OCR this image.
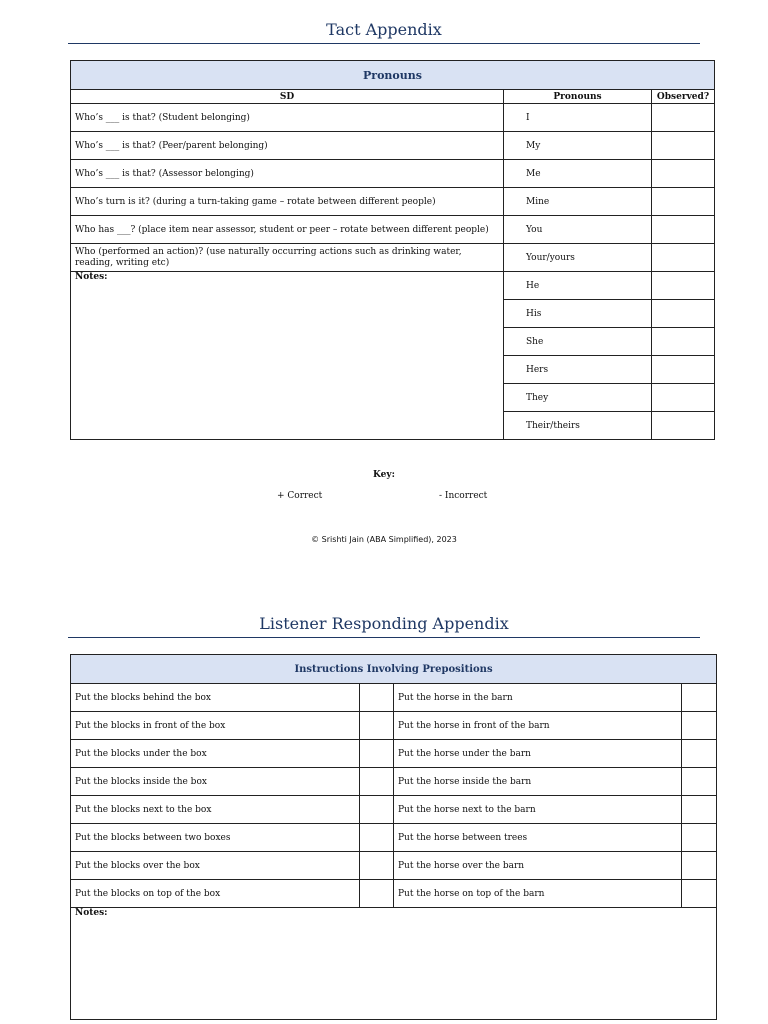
Tact Appendix
Pronouns		
SD	Pronouns	Observed?
Who’s ___ is that? (Student belonging)	I	
Who’s ___ is that? (Peer/parent belonging)	My	
Who’s ___ is that? (Assessor belonging)	Me	
Who’s turn is it? (during a turn-taking game – rotate between different people)	Mine	
Who has ___? (place item near assessor, student or peer – rotate between different people)	You	
Who (performed an action)? (use naturally occurring actions such as drinking water, reading, writing etc)	Your/yours	
Notes:	He	
	His	
	She	
	Hers	
	They	
	Their/theirs	
Key:
+ Correct	- Incorrect
© Srishti Jain (ABA Simplified), 2023
Listener Responding Appendix
Instructions Involving Prepositions			
Put the blocks behind the box		Put the horse in the barn	
Put the blocks in front of the box		Put the horse in front of the barn	
Put the blocks under the box		Put the horse under the barn	
Put the blocks inside the box		Put the horse inside the barn	
Put the blocks next to the box		Put the horse next to the barn	
Put the blocks between two boxes		Put the horse between trees	
Put the blocks over the box		Put the horse over the barn	
Put the blocks on top of the box		Put the horse on top of the barn	
Notes:			
